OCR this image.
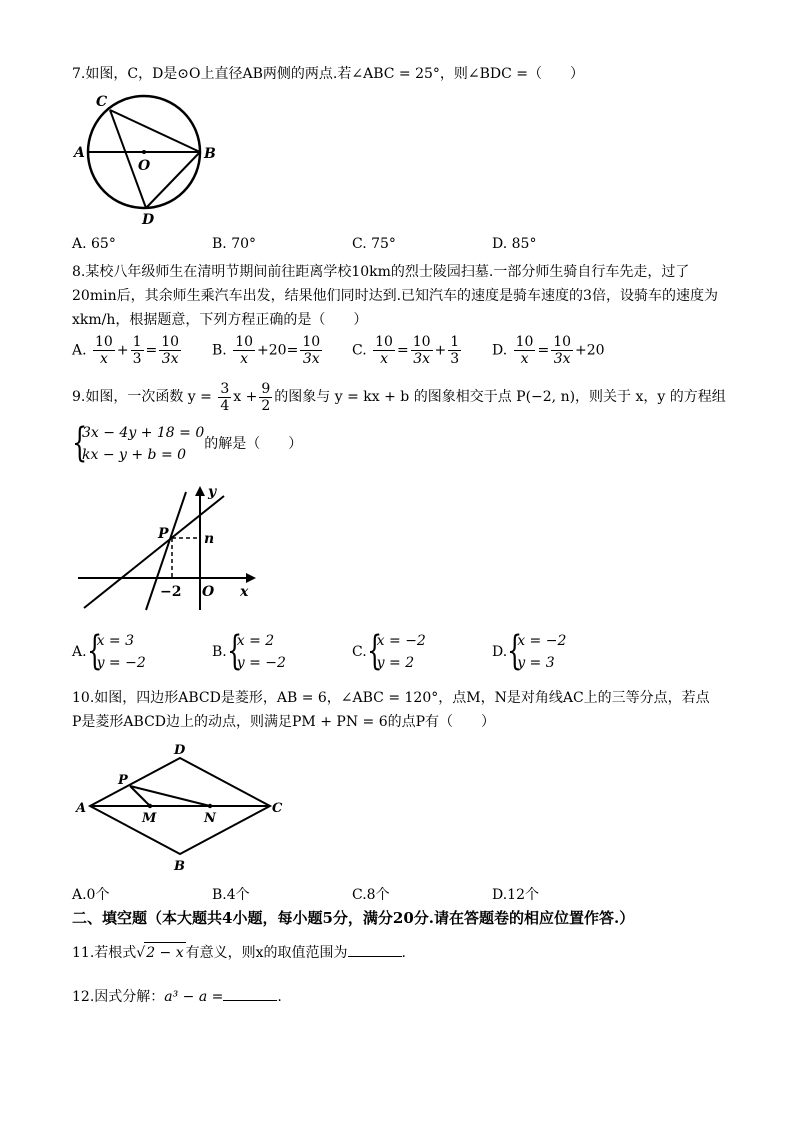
7.如图，C，D是⊙O上直径AB两侧的两点.若∠ABC = 25°，则∠BDC =（　　）
C
A
O
B
D
A. 65°	B. 70°	C. 75°	D. 85°
8.某校八年级师生在清明节期间前往距离学校10km的烈士陵园扫墓.一部分师生骑自行车先走，过了
20min后，其余师生乘汽车出发，结果他们同时达到.已知汽车的速度是骑车速度的3倍，设骑车的速度为
xkm/h，根据题意，下列方程正确的是（　　）
A. $\frac{10}{x} + \frac{1}{3} = \frac{10}{3x} B$. $\frac{10}{x} +20= \frac{10}{3x} C$. $\frac{10}{x} = \frac{10}{3x} + \frac{1}{3} D$. $\frac{10}{x} = \frac{10}{3x} +20$
9.如图，一次函数 $y = \frac{3}{4}$ $x + \frac{9}{2}$ 的图象与 y = kx + b 的图象相交于点 P(−2, n)，则关于 x，y 的方程组
{
3x − 4y + 18 = 0
kx − y + b = 0
的解是（　　）
y
P	n
−2 O x
A. {
x = 3
y = −2
B. {
x = 2
y = −2
C. {
x = −2
y = 2
D. {
x = −2
y = 3
10.如图，四边形ABCD是菱形，AB = 6，∠ABC = 120°，点M，N是对角线AC上的三等分点，若点
P是菱形ABCD边上的动点，则满足PM + PN = 6的点P有（　　）
D
P
A
M	N
C
B
A.0个	B.4个	C.8个	D.12个
二、填空题（本大题共4小题，每小题5分，满分20分.请在答题卷的相应位置作答.）
11.若根式√2 − x 有意义，则x的取值范围为	.
12.因式分解：a³ − a =	.
